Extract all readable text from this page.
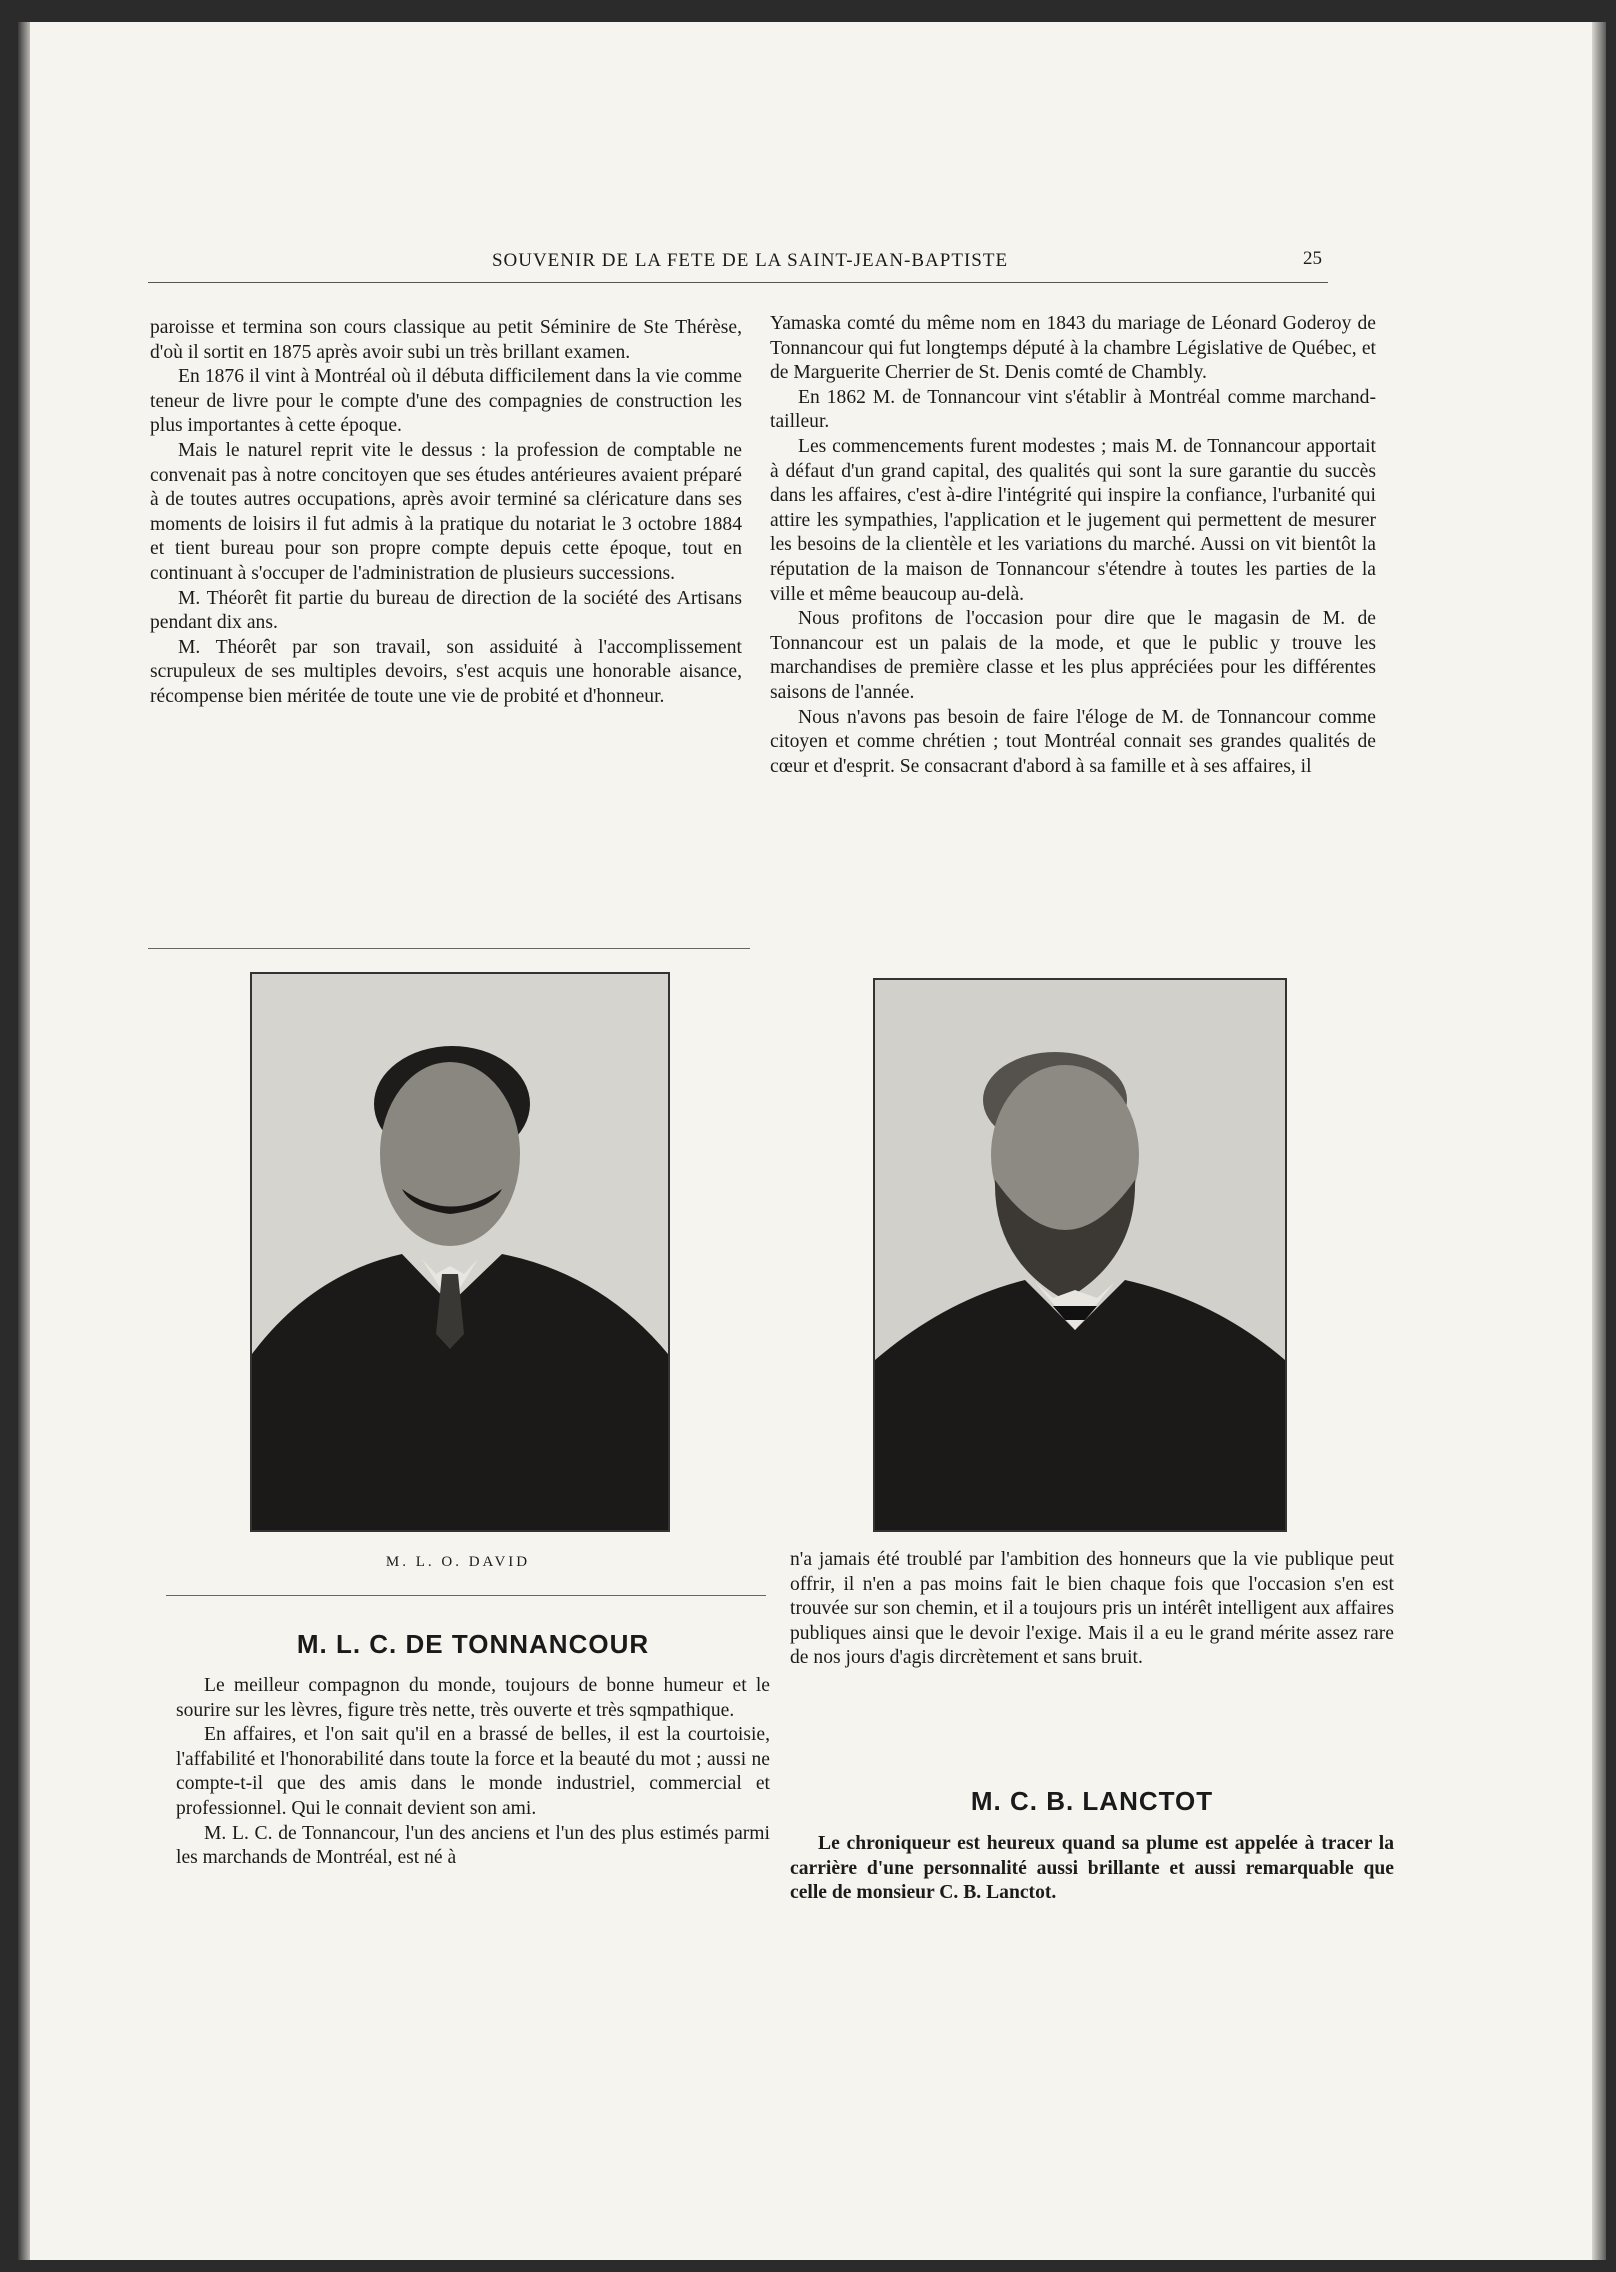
SOUVENIR DE LA FETE DE LA SAINT-JEAN-BAPTISTE	25

paroisse et termina son cours classique au petit Séminire de Ste Thérèse, d'où il sortit en 1875 après avoir subi un très brillant examen.

En 1876 il vint à Montréal où il débuta difficilement dans la vie comme teneur de livre pour le compte d'une des compagnies de construction les plus importantes à cette époque.

Mais le naturel reprit vite le dessus : la profession de comptable ne convenait pas à notre concitoyen que ses études antérieures avaient préparé à de toutes autres occupations, après avoir terminé sa cléricature dans ses moments de loisirs il fut admis à la pratique du notariat le 3 octobre 1884 et tient bureau pour son propre compte depuis cette époque, tout en continuant à s'occuper de l'administration de plusieurs successions.

M. Théorêt fit partie du bureau de direction de la société des Artisans pendant dix ans.

M. Théorêt par son travail, son assiduité à l'accomplissement scrupuleux de ses multiples devoirs, s'est acquis une honorable aisance, récompense bien méritée de toute une vie de probité et d'honneur.

Yamaska comté du même nom en 1843 du mariage de Léonard Goderoy de Tonnancour qui fut longtemps député à la chambre Législative de Québec, et de Marguerite Cherrier de St. Denis comté de Chambly.

En 1862 M. de Tonnancour vint s'établir à Montréal comme marchand-tailleur.

Les commencements furent modestes ; mais M. de Tonnancour apportait à défaut d'un grand capital, des qualités qui sont la sure garantie du succès dans les affaires, c'est à-dire l'intégrité qui inspire la confiance, l'urbanité qui attire les sympathies, l'application et le jugement qui permettent de mesurer les besoins de la clientèle et les variations du marché. Aussi on vit bientôt la réputation de la maison de Tonnancour s'étendre à toutes les parties de la ville et même beaucoup au-delà.

Nous profitons de l'occasion pour dire que le magasin de M. de Tonnancour est un palais de la mode, et que le public y trouve les marchandises de première classe et les plus appréciées pour les différentes saisons de l'année.

Nous n'avons pas besoin de faire l'éloge de M. de Tonnancour comme citoyen et comme chrétien ; tout Montréal connait ses grandes qualités de cœur et d'esprit. Se consacrant d'abord à sa famille et à ses affaires, il

M. L. O. DAVID	n'a jamais été troublé par l'ambition des honneurs que la vie publique peut offrir, il n'en a pas moins fait le bien chaque fois que l'occasion s'en est trouvée sur son chemin, et il a toujours pris un intérêt intelligent aux affaires publiques ainsi que le devoir l'exige. Mais il a eu le grand mérite assez rare de nos jours d'agis dircrètement et sans bruit.

M. L. C. DE TONNANCOUR

Le meilleur compagnon du monde, toujours de bonne humeur et le sourire sur les lèvres, figure très nette, très ouverte et très sqmpathique.

En affaires, et l'on sait qu'il en a brassé de belles, il est la courtoisie, l'affabilité et l'honorabilité dans toute la force et la beauté du mot ; aussi ne compte-t-il que des amis dans le monde industriel, commercial et professionnel. Qui le connait devient son ami.

M. L. C. de Tonnancour, l'un des anciens et l'un des plus estimés parmi les marchands de Montréal, est né à

M. C. B. LANCTOT

Le chroniqueur est heureux quand sa plume est appelée à tracer la carrière d'une personnalité aussi brillante et aussi remarquable que celle de monsieur C. B. Lanctot.
